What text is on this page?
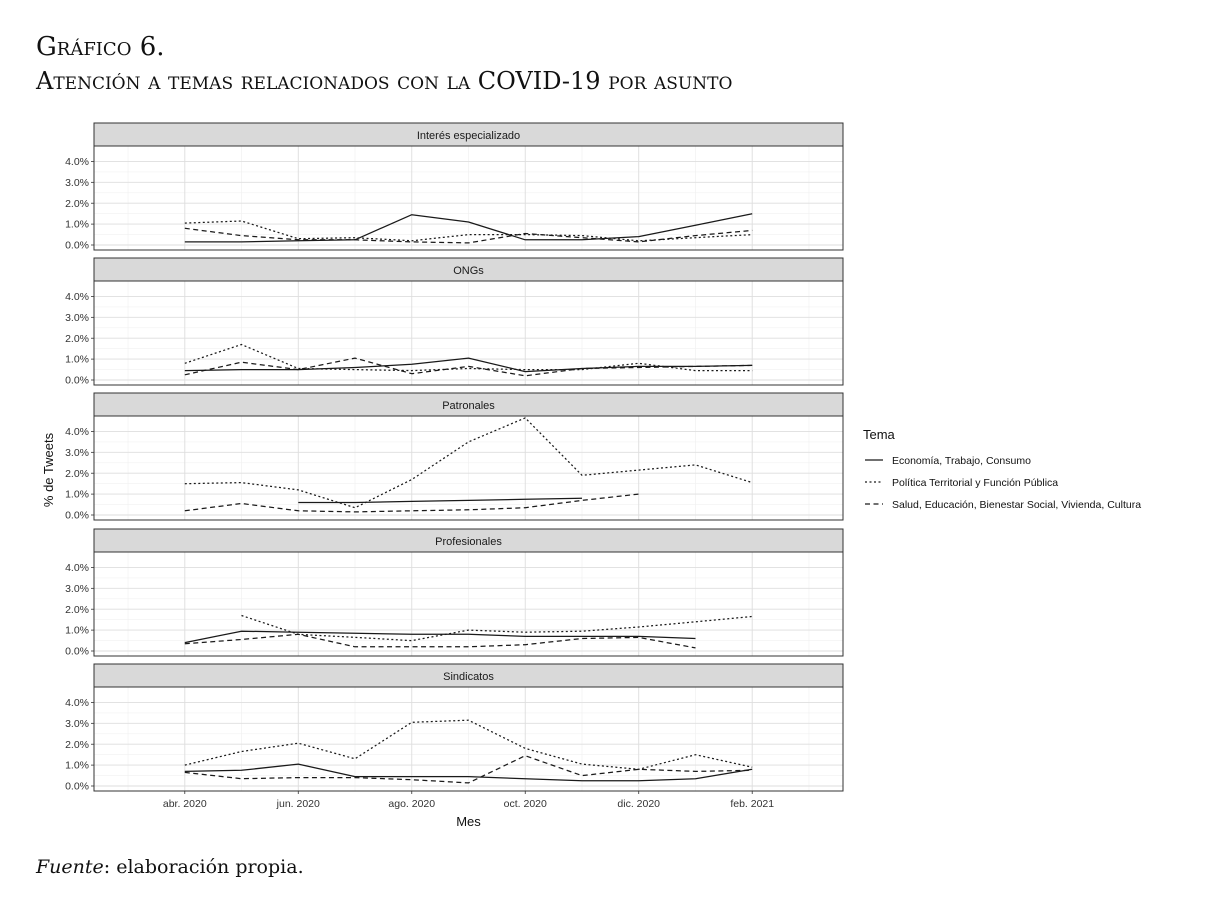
Gráfico 6.
Atención a temas relacionados con la COVID-19 por asunto
Interés especializado
0.0%
1.0%
2.0%
3.0%
4.0%
ONGs
0.0%
1.0%
2.0%
3.0%
4.0%
Patronales
0.0%
1.0%
2.0%
3.0%
4.0%
Profesionales
0.0%
1.0%
2.0%
3.0%
4.0%
Sindicatos
0.0%
1.0%
2.0%
3.0%
4.0%
abr. 2020	jun. 2020	ago. 2020	oct. 2020	dic. 2020	feb. 2021
Mes
% de Tweets	Tema
Economía, Trabajo, Consumo
Política Territorial y Función Pública
Salud, Educación, Bienestar Social, Vivienda, Cultura
Fuente: elaboración propia.
